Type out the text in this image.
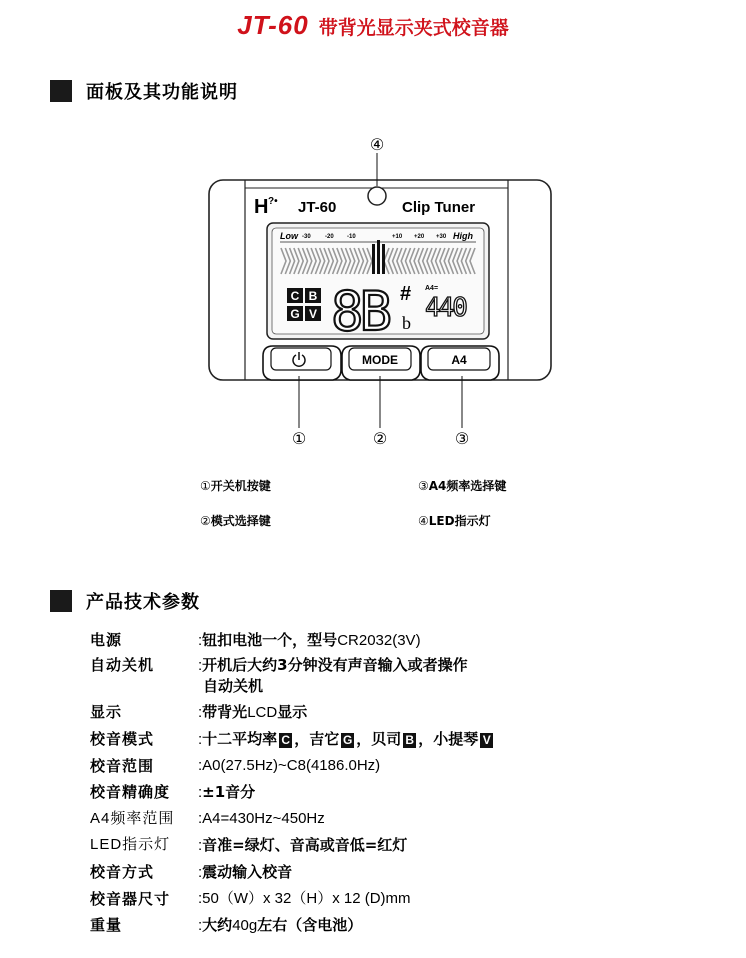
JT-60 带背光显示夹式校音器
面板及其功能说明
H ?• JT-60	Clip Tuner
Low	High
-30 -20 -10	+10 +20 +30
C B
G V 8B #
b
A4=
440
MODE	A4
④
①	②	③
①开关机按键	③A4频率选择键
②模式选择键	④LED指示灯
产品技术参数
电源	:钮扣电池一个，型号CR2032(3V)
自动关机	:开机后大约3分钟没有声音输入或者操作
自动关机
显示	:带背光LCD显示
校音模式	:十二平均率 C ，吉它 G ，贝司 B ，小提琴 V
校音范围	:A0(27.5Hz)~C8(4186.0Hz)
校音精确度	:±1音分
A4频率范围	:A4=430Hz~450Hz
LED指示灯	:音准=绿灯、音高或音低=红灯
校音方式	:震动输入校音
校音器尺寸	:50（W）x 32（H）x 12 (D)mm
重量	:大约40g左右（含电池）
